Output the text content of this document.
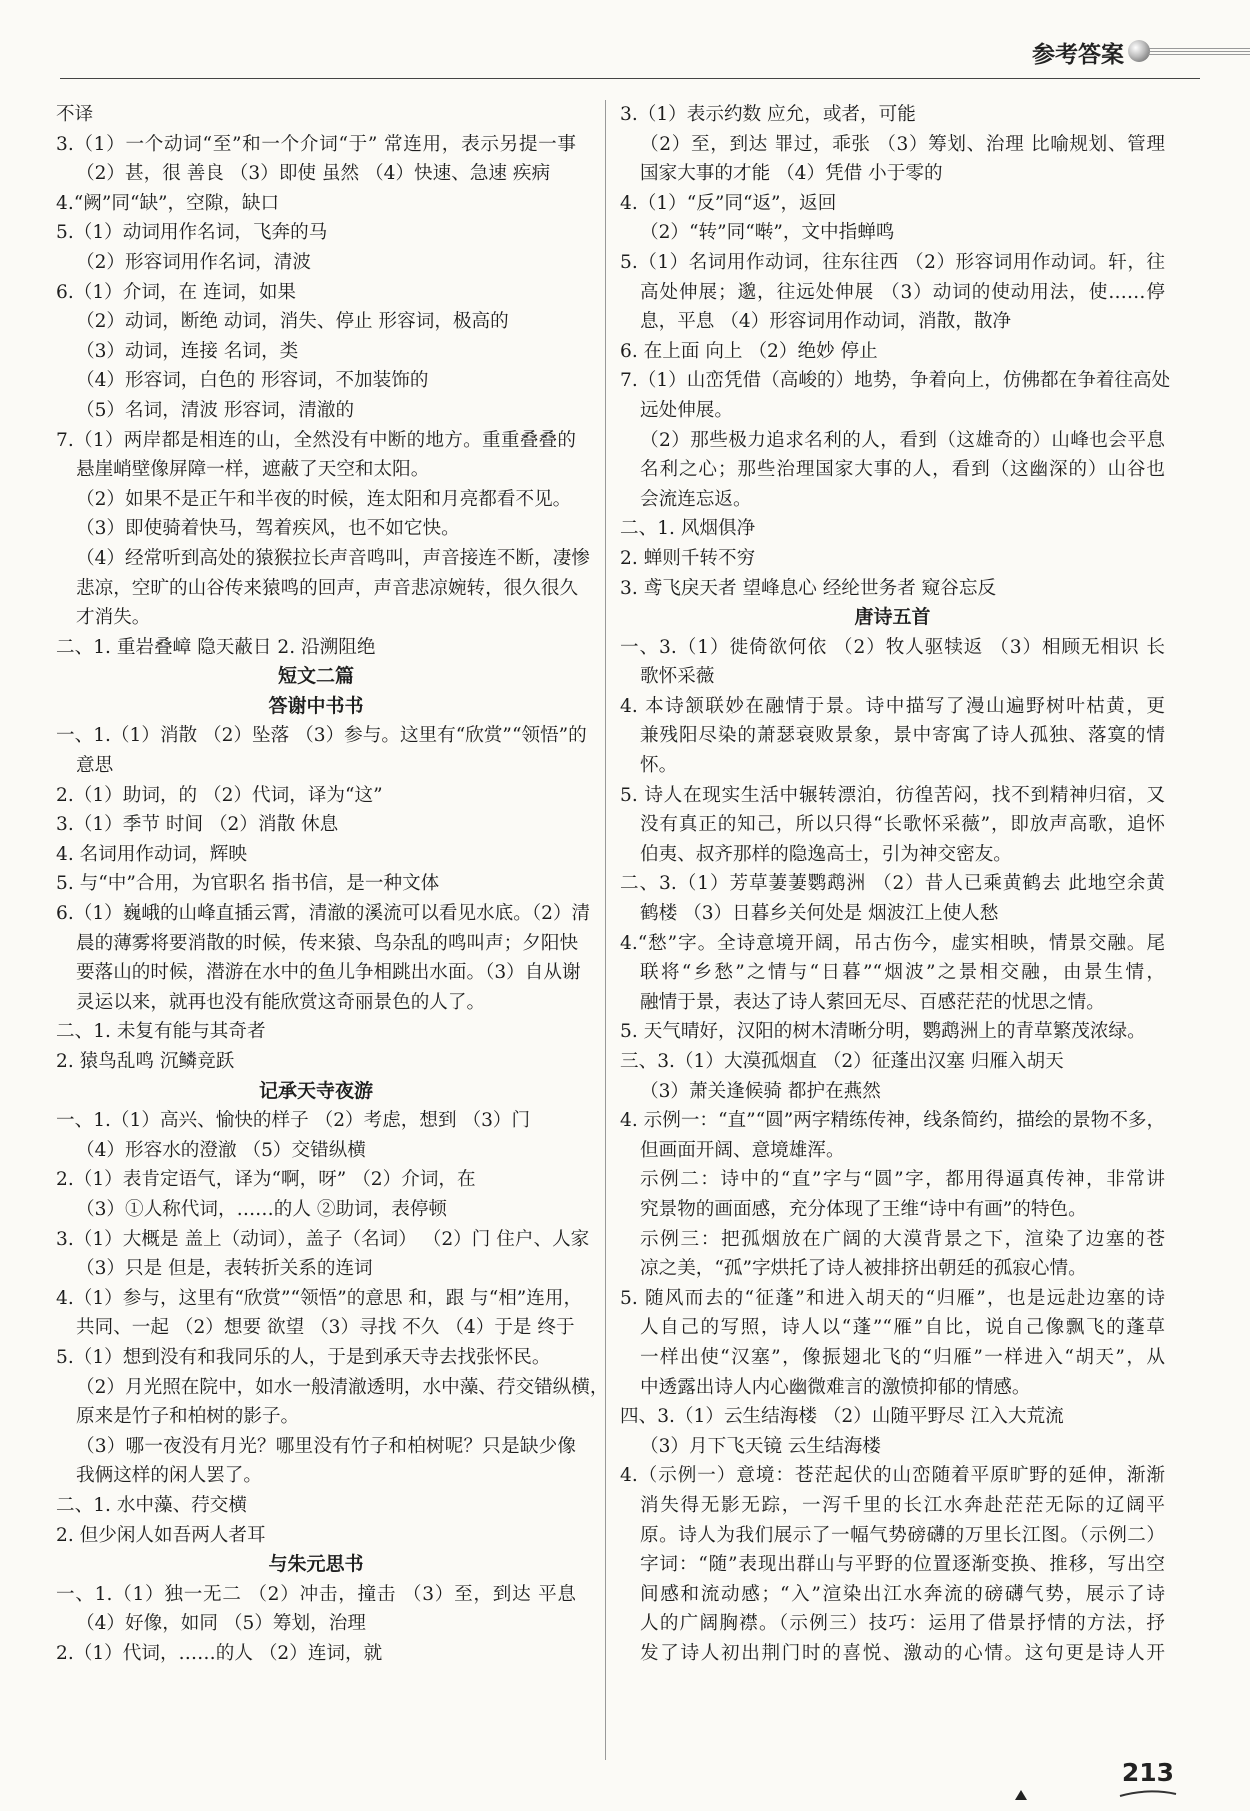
参考答案
不译
3.（1）一个动词“至”和一个介词“于” 常连用，表示另提一事
（2）甚，很 善良 （3）即使 虽然 （4）快速、急速 疾病
4.“阙”同“缺”，空隙，缺口
5.（1）动词用作名词，飞奔的马
（2）形容词用作名词，清波
6.（1）介词，在 连词，如果
（2）动词，断绝 动词，消失、停止 形容词，极高的
（3）动词，连接 名词，类
（4）形容词，白色的 形容词，不加装饰的
（5）名词，清波 形容词，清澈的
7.（1）两岸都是相连的山，全然没有中断的地方。重重叠叠的
悬崖峭壁像屏障一样，遮蔽了天空和太阳。
（2）如果不是正午和半夜的时候，连太阳和月亮都看不见。
（3）即使骑着快马，驾着疾风，也不如它快。
（4）经常听到高处的猿猴拉长声音鸣叫，声音接连不断，凄惨
悲凉，空旷的山谷传来猿鸣的回声，声音悲凉婉转，很久很久
才消失。
二、1. 重岩叠嶂 隐天蔽日 2. 沿溯阻绝
短文二篇
答谢中书书
一、1.（1）消散 （2）坠落 （3）参与。这里有“欣赏”“领悟”的
意思
2.（1）助词，的 （2）代词，译为“这”
3.（1）季节 时间 （2）消散 休息
4. 名词用作动词，辉映
5. 与“中”合用，为官职名 指书信，是一种文体
6.（1）巍峨的山峰直插云霄，清澈的溪流可以看见水底。（2）清
晨的薄雾将要消散的时候，传来猿、鸟杂乱的鸣叫声；夕阳快
要落山的时候，潜游在水中的鱼儿争相跳出水面。（3）自从谢
灵运以来，就再也没有能欣赏这奇丽景色的人了。
二、1. 未复有能与其奇者
2. 猿鸟乱鸣 沉鳞竞跃
记承天寺夜游
一、1.（1）高兴、愉快的样子 （2）考虑，想到 （3）门
（4）形容水的澄澈 （5）交错纵横
2.（1）表肯定语气，译为“啊，呀” （2）介词，在
（3）①人称代词，……的人 ②助词，表停顿
3.（1）大概是 盖上（动词），盖子（名词） （2）门 住户、人家
（3）只是 但是，表转折关系的连词
4.（1）参与，这里有“欣赏”“领悟”的意思 和，跟 与“相”连用，
共同、一起 （2）想要 欲望 （3）寻找 不久 （4）于是 终于
5.（1）想到没有和我同乐的人，于是到承天寺去找张怀民。
（2）月光照在院中，如水一般清澈透明，水中藻、荇交错纵横，
原来是竹子和柏树的影子。
（3）哪一夜没有月光？哪里没有竹子和柏树呢？只是缺少像
我俩这样的闲人罢了。
二、1. 水中藻、荇交横
2. 但少闲人如吾两人者耳
与朱元思书
一、1.（1）独一无二 （2）冲击，撞击 （3）至，到达 平息
（4）好像，如同 （5）筹划，治理
2.（1）代词，……的人 （2）连词，就
3.（1）表示约数 应允，或者，可能
（2）至，到达 罪过，乖张 （3）筹划、治理 比喻规划、管理
国家大事的才能 （4）凭借 小于零的
4.（1）“反”同“返”，返回
（2）“转”同“啭”，文中指蝉鸣
5.（1）名词用作动词，往东往西 （2）形容词用作动词。轩，往
高处伸展；邈，往远处伸展 （3）动词的使动用法，使……停
息，平息 （4）形容词用作动词，消散，散净
6. 在上面 向上 （2）绝妙 停止
7.（1）山峦凭借（高峻的）地势，争着向上，仿佛都在争着往高处
远处伸展。
（2）那些极力追求名利的人，看到（这雄奇的）山峰也会平息
名利之心；那些治理国家大事的人，看到（这幽深的）山谷也
会流连忘返。
二、1. 风烟俱净
2. 蝉则千转不穷
3. 鸢飞戾天者 望峰息心 经纶世务者 窥谷忘反
唐诗五首
一、3.（1）徙倚欲何依 （2）牧人驱犊返 （3）相顾无相识 长
歌怀采薇
4. 本诗颔联妙在融情于景。诗中描写了漫山遍野树叶枯黄，更
兼残阳尽染的萧瑟衰败景象，景中寄寓了诗人孤独、落寞的情
怀。
5. 诗人在现实生活中辗转漂泊，彷徨苦闷，找不到精神归宿，又
没有真正的知己，所以只得“长歌怀采薇”，即放声高歌，追怀
伯夷、叔齐那样的隐逸高士，引为神交密友。
二、3.（1）芳草萋萋鹦鹉洲 （2）昔人已乘黄鹤去 此地空余黄
鹤楼 （3）日暮乡关何处是 烟波江上使人愁
4.“愁”字。全诗意境开阔，吊古伤今，虚实相映，情景交融。尾
联将“乡愁”之情与“日暮”“烟波”之景相交融，由景生情，
融情于景，表达了诗人萦回无尽、百感茫茫的忧思之情。
5. 天气晴好，汉阳的树木清晰分明，鹦鹉洲上的青草繁茂浓绿。
三、3.（1）大漠孤烟直 （2）征蓬出汉塞 归雁入胡天
（3）萧关逢候骑 都护在燕然
4. 示例一：“直”“圆”两字精练传神，线条简约，描绘的景物不多，
但画面开阔、意境雄浑。
示例二：诗中的“直”字与“圆”字，都用得逼真传神，非常讲
究景物的画面感，充分体现了王维“诗中有画”的特色。
示例三：把孤烟放在广阔的大漠背景之下，渲染了边塞的苍
凉之美，“孤”字烘托了诗人被排挤出朝廷的孤寂心情。
5. 随风而去的“征蓬”和进入胡天的“归雁”，也是远赴边塞的诗
人自己的写照，诗人以“蓬”“雁”自比，说自己像飘飞的蓬草
一样出使“汉塞”，像振翅北飞的“归雁”一样进入“胡天”，从
中透露出诗人内心幽微难言的激愤抑郁的情感。
四、3.（1）云生结海楼 （2）山随平野尽 江入大荒流
（3）月下飞天镜 云生结海楼
4.（示例一）意境：苍茫起伏的山峦随着平原旷野的延伸，渐渐
消失得无影无踪，一泻千里的长江水奔赴茫茫无际的辽阔平
原。诗人为我们展示了一幅气势磅礴的万里长江图。（示例二）
字词：“随”表现出群山与平野的位置逐渐变换、推移，写出空
间感和流动感；“入”渲染出江水奔流的磅礴气势，展示了诗
人的广阔胸襟。（示例三）技巧：运用了借景抒情的方法，抒
发了诗人初出荆门时的喜悦、激动的心情。这句更是诗人开
213
